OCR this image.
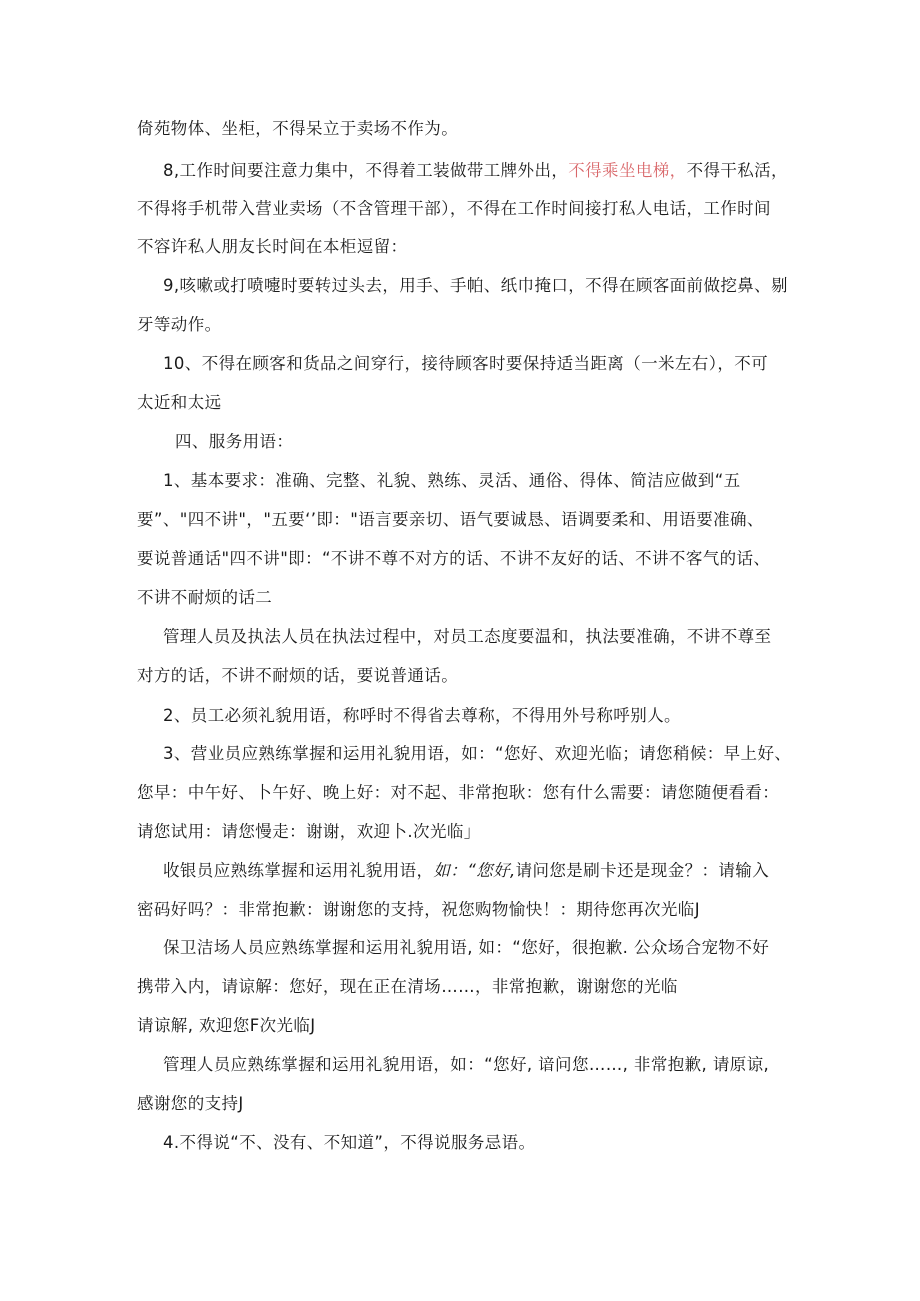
倚苑物体、坐柜，不得呆立于卖场不作为。
8,工作时间要注意力集中，不得着工装做带工牌外出，不得乘坐电梯，不得干私活，
不得将手机带入营业卖场（不含管理干部），不得在工作时间接打私人电话，工作时间
不容许私人朋友长时间在本柜逗留：
9,咳嗽或打喷嚏时要转过头去，用手、手帕、纸巾掩口，不得在顾客面前做挖鼻、剔
牙等动作。
10、不得在顾客和货品之间穿行，接待顾客时要保持适当距离（一米左右），不可
太近和太远
四、服务用语：
1、基本要求：准确、完整、礼貌、熟练、灵活、通俗、得体、简洁应做到“五
要”、"四不讲"，"五要‘’即："语言要亲切、语气要诚恳、语调要柔和、用语要准确、
要说普通话"四不讲"即：“不讲不尊不对方的话、不讲不友好的话、不讲不客气的话、
不讲不耐烦的话二
管理人员及执法人员在执法过程中，对员工态度要温和，执法要准确，不讲不尊至
对方的话，不讲不耐烦的话，要说普通话。
2、员工必须礼貌用语，称呼时不得省去尊称，不得用外号称呼别人。
3、营业员应熟练掌握和运用礼貌用语，如：“您好、欢迎光临；请您稍候：早上好、
您早：中午好、卜午好、晚上好：对不起、非常抱耿：您有什么需要：请您随便看看：
请您试用：请您慢走：谢谢，欢迎卜.次光临」
收银员应熟练掌握和运用礼貌用语，如：“您好,请问您是刷卡还是现金？：请输入
密码好吗？：非常抱歉：谢谢您的支持，祝您购物愉快！：期待您再次光临J
保卫洁场人员应熟练掌握和运用礼貌用语, 如：“您好，很抱歉. 公众场合宠物不好
携带入内，请谅解：您好，现在正在清场……，非常抱歉，谢谢您的光临
请谅解, 欢迎您F次光临J
管理人员应熟练掌握和运用礼貌用语，如：“您好, 谙问您……, 非常抱歉, 请原谅,
感谢您的支持J
4.不得说“不、没有、不知道”，不得说服务忌语。
